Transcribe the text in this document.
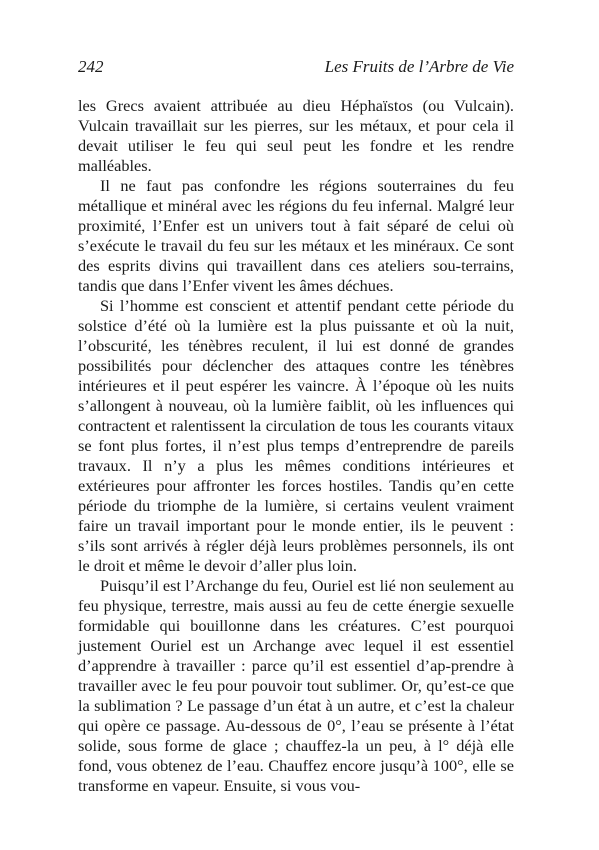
242	Les Fruits de l’Arbre de Vie

les Grecs avaient attribuée au dieu Héphaïstos (ou Vulcain). Vulcain travaillait sur les pierres, sur les métaux, et pour cela il devait utiliser le feu qui seul peut les fondre et les rendre malléables.

Il ne faut pas confondre les régions souterraines du feu métallique et minéral avec les régions du feu infernal. Malgré leur proximité, l’Enfer est un univers tout à fait séparé de celui où s’exécute le travail du feu sur les métaux et les minéraux. Ce sont des esprits divins qui travaillent dans ces ateliers sou-terrains, tandis que dans l’Enfer vivent les âmes déchues.

Si l’homme est conscient et attentif pendant cette période du solstice d’été où la lumière est la plus puissante et où la nuit, l’obscurité, les ténèbres reculent, il lui est donné de grandes possibilités pour déclencher des attaques contre les ténèbres intérieures et il peut espérer les vaincre. À l’époque où les nuits s’allongent à nouveau, où la lumière faiblit, où les influences qui contractent et ralentissent la circulation de tous les courants vitaux se font plus fortes, il n’est plus temps d’entreprendre de pareils travaux. Il n’y a plus les mêmes conditions intérieures et extérieures pour affronter les forces hostiles. Tandis qu’en cette période du triomphe de la lumière, si certains veulent vraiment faire un travail important pour le monde entier, ils le peuvent : s’ils sont arrivés à régler déjà leurs problèmes personnels, ils ont le droit et même le devoir d’aller plus loin.

Puisqu’il est l’Archange du feu, Ouriel est lié non seulement au feu physique, terrestre, mais aussi au feu de cette énergie sexuelle formidable qui bouillonne dans les créatures. C’est pourquoi justement Ouriel est un Archange avec lequel il est essentiel d’apprendre à travailler : parce qu’il est essentiel d’ap-prendre à travailler avec le feu pour pouvoir tout sublimer. Or, qu’est-ce que la sublimation ? Le passage d’un état à un autre, et c’est la chaleur qui opère ce passage. Au-dessous de 0°, l’eau se présente à l’état solide, sous forme de glace ; chauffez-la un peu, à l° déjà elle fond, vous obtenez de l’eau. Chauffez encore jusqu’à 100°, elle se transforme en vapeur. Ensuite, si vous vou-
